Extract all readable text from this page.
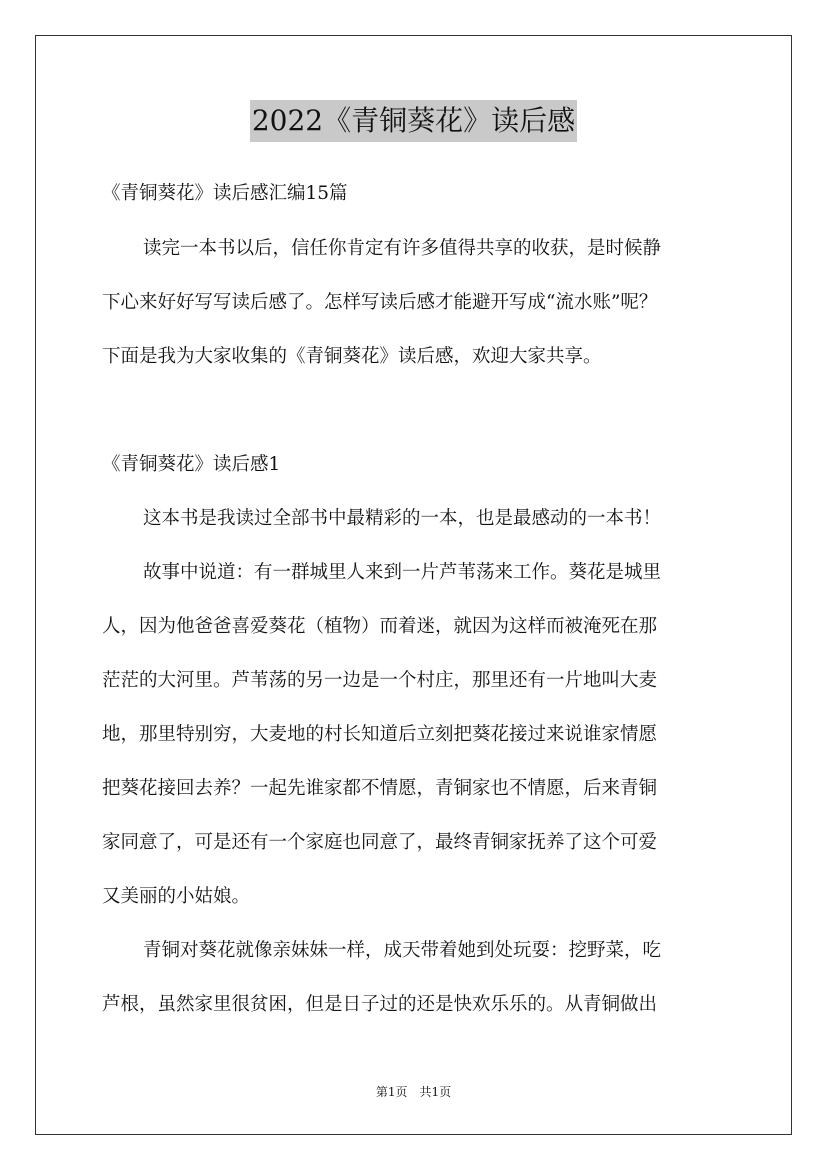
2022《青铜葵花》读后感
《青铜葵花》读后感汇编15篇
读完一本书以后，信任你肯定有许多值得共享的收获，是时候静
下心来好好写写读后感了。怎样写读后感才能避开写成“流水账”呢？
下面是我为大家收集的《青铜葵花》读后感，欢迎大家共享。
《青铜葵花》读后感1
这本书是我读过全部书中最精彩的一本，也是最感动的一本书！
故事中说道：有一群城里人来到一片芦苇荡来工作。葵花是城里
人，因为他爸爸喜爱葵花（植物）而着迷，就因为这样而被淹死在那
茫茫的大河里。芦苇荡的另一边是一个村庄，那里还有一片地叫大麦
地，那里特别穷，大麦地的村长知道后立刻把葵花接过来说谁家情愿
把葵花接回去养？一起先谁家都不情愿，青铜家也不情愿，后来青铜
家同意了，可是还有一个家庭也同意了，最终青铜家抚养了这个可爱
又美丽的小姑娘。
青铜对葵花就像亲妹妹一样，成天带着她到处玩耍：挖野菜，吃
芦根，虽然家里很贫困，但是日子过的还是快欢乐乐的。从青铜做出
第1页　共1页
